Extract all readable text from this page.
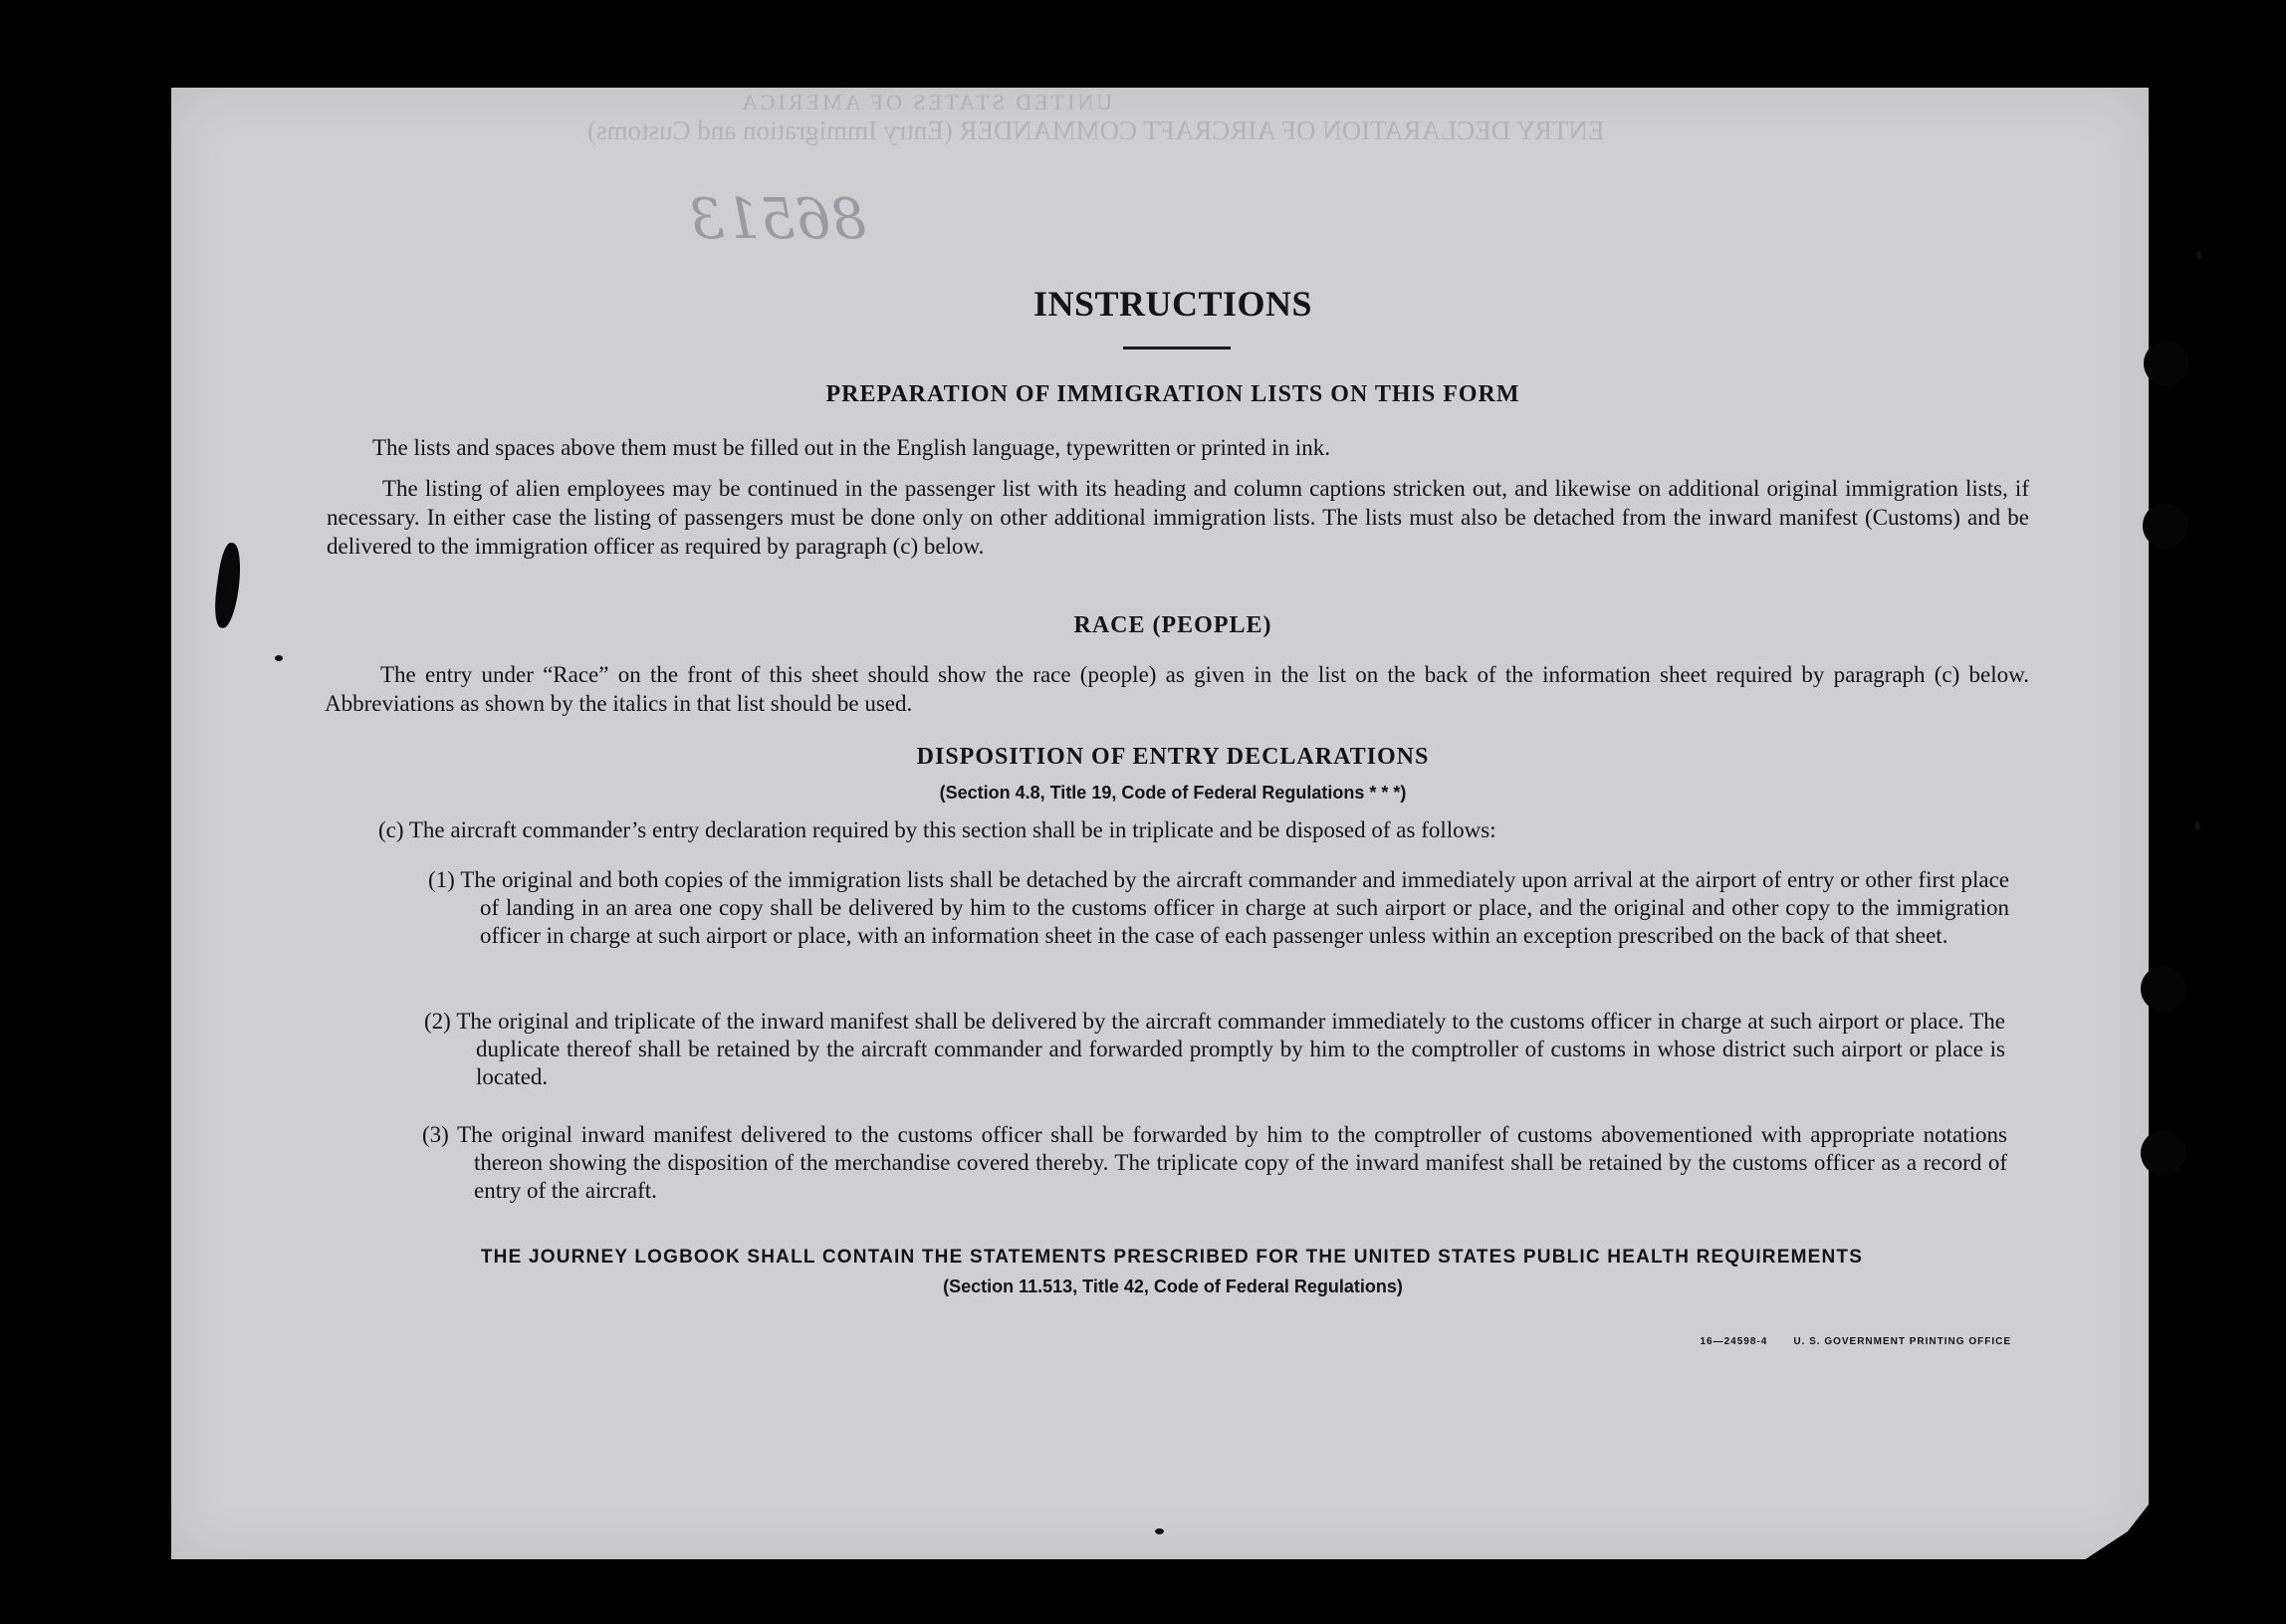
UNITED STATES OF AMERICA
ENTRY DECLARATION OF AIRCRAFT COMMANDER (Entry Immigration and Customs)
86513
INSTRUCTIONS
PREPARATION OF IMMIGRATION LISTS ON THIS FORM

The lists and spaces above them must be filled out in the English language, typewritten or printed in ink.

The listing of alien employees may be continued in the passenger list with its heading and column captions stricken out, and likewise on additional original immigration lists, if necessary. In either case the listing of passengers must be done only on other additional immigration lists. The lists must also be detached from the inward manifest (Customs) and be delivered to the immigration officer as required by paragraph (c) below.

RACE (PEOPLE)

The entry under “Race” on the front of this sheet should show the race (people) as given in the list on the back of the information sheet required by paragraph (c) below. Abbreviations as shown by the italics in that list should be used.

DISPOSITION OF ENTRY DECLARATIONS

(Section 4.8, Title 19, Code of Federal Regulations * * *)

(c) The aircraft commander’s entry declaration required by this section shall be in triplicate and be disposed of as follows:

(1) The original and both copies of the immigration lists shall be detached by the aircraft commander and immediately upon arrival at the airport of entry or other first place of landing in an area one copy shall be delivered by him to the customs officer in charge at such airport or place, and the original and other copy to the immigration officer in charge at such airport or place, with an information sheet in the case of each passenger unless within an exception prescribed on the back of that sheet.

(2) The original and triplicate of the inward manifest shall be delivered by the aircraft commander immediately to the customs officer in charge at such airport or place. The duplicate thereof shall be retained by the aircraft commander and forwarded promptly by him to the comptroller of customs in whose district such airport or place is located.

(3) The original inward manifest delivered to the customs officer shall be forwarded by him to the comptroller of customs abovementioned with appropriate notations thereon showing the disposition of the merchandise covered thereby. The triplicate copy of the inward manifest shall be retained by the customs officer as a record of entry of the aircraft.

THE JOURNEY LOGBOOK SHALL CONTAIN THE STATEMENTS PRESCRIBED FOR THE UNITED STATES PUBLIC HEALTH REQUIREMENTS

(Section 11.513, Title 42, Code of Federal Regulations)

16—24598-4	U. S. GOVERNMENT PRINTING OFFICE
